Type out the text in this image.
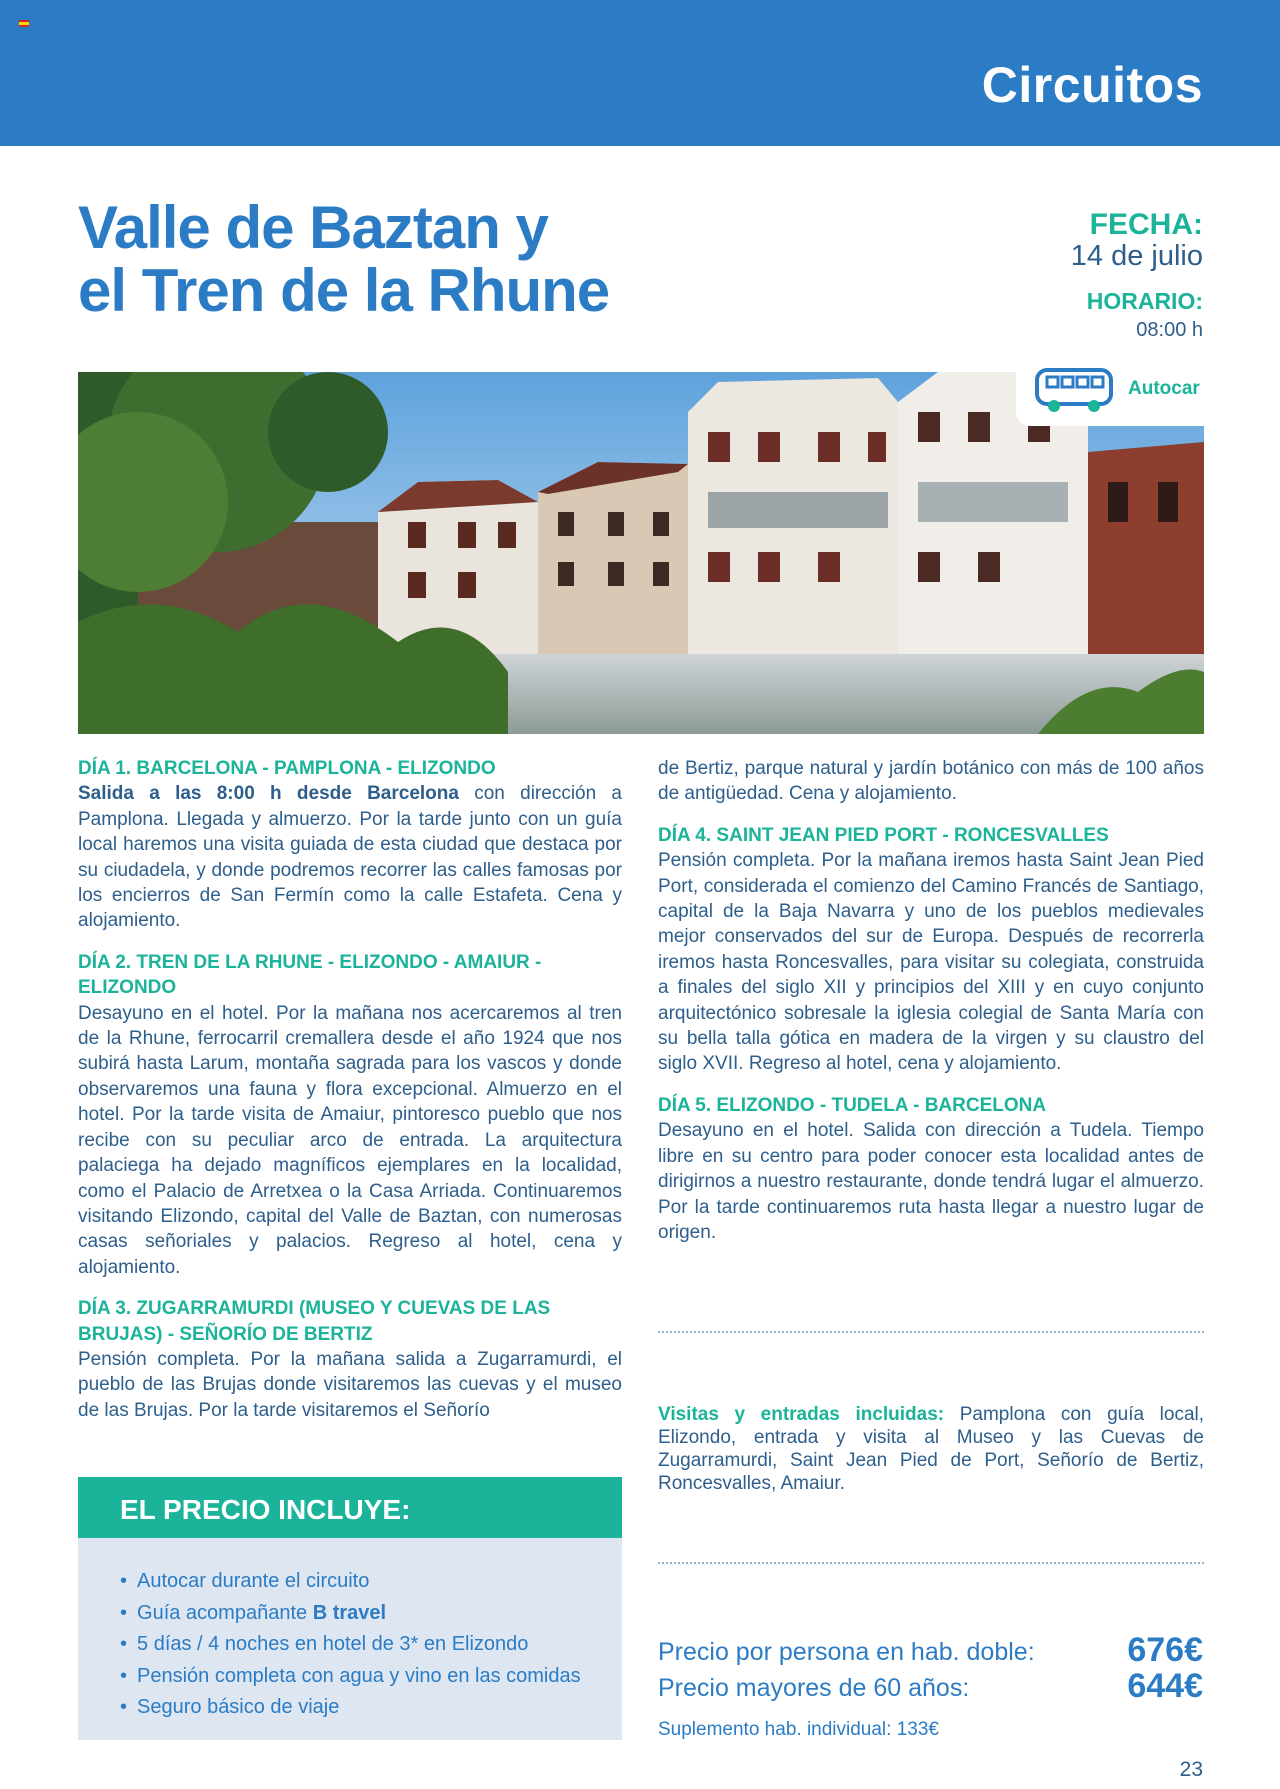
Circuitos
Valle de Baztan y
el Tren de la Rhune
FECHA:
14 de julio
HORARIO:
08:00 h
Autocar

DÍA 1. BARCELONA - PAMPLONA - ELIZONDO
Salida a las 8:00 h desde Barcelona con dirección a Pamplona. Llegada y almuerzo. Por la tarde junto con un guía local haremos una visita guiada de esta ciudad que destaca por su ciudadela, y donde podremos recorrer las calles famosas por los encierros de San Fermín como la calle Estafeta. Cena y alojamiento.

DÍA 2. TREN DE LA RHUNE - ELIZONDO - AMAIUR - ELIZONDO
Desayuno en el hotel. Por la mañana nos acercaremos al tren de la Rhune, ferrocarril cremallera desde el año 1924 que nos subirá hasta Larum, montaña sagrada para los vascos y donde observaremos una fauna y flora excepcional. Almuerzo en el hotel. Por la tarde visita de Amaiur, pintoresco pueblo que nos recibe con su peculiar arco de entrada. La arquitectura palaciega ha dejado magníficos ejemplares en la localidad, como el Palacio de Arretxea o la Casa Arriada. Continuaremos visitando Elizondo, capital del Valle de Baztan, con numerosas casas señoriales y palacios. Regreso al hotel, cena y alojamiento.

DÍA 3. ZUGARRAMURDI (MUSEO Y CUEVAS DE LAS BRUJAS) - SEÑORÍO DE BERTIZ
Pensión completa. Por la mañana salida a Zugarramurdi, el pueblo de las Brujas donde visitaremos las cuevas y el museo de las Brujas. Por la tarde visitaremos el Señorío

de Bertiz, parque natural y jardín botánico con más de 100 años de antigüedad. Cena y alojamiento.

DÍA 4. SAINT JEAN PIED PORT - RONCESVALLES
Pensión completa. Por la mañana iremos hasta Saint Jean Pied Port, considerada el comienzo del Camino Francés de Santiago, capital de la Baja Navarra y uno de los pueblos medievales mejor conservados del sur de Europa. Después de recorrerla iremos hasta Roncesvalles, para visitar su colegiata, construida a finales del siglo XII y principios del XIII y en cuyo conjunto arquitectónico sobresale la iglesia colegial de Santa María con su bella talla gótica en madera de la virgen y su claustro del siglo XVII. Regreso al hotel, cena y alojamiento.

DÍA 5. ELIZONDO - TUDELA - BARCELONA
Desayuno en el hotel. Salida con dirección a Tudela. Tiempo libre en su centro para poder conocer esta localidad antes de dirigirnos a nuestro restaurante, donde tendrá lugar el almuerzo. Por la tarde continuaremos ruta hasta llegar a nuestro lugar de origen.

Visitas y entradas incluidas: Pamplona con guía local, Elizondo, entrada y visita al Museo y las Cuevas de Zugarramurdi, Saint Jean Pied de Port, Señorío de Bertiz, Roncesvalles, Amaiur.
EL PRECIO INCLUYE:
• Autocar durante el circuito
• Guía acompañante B travel
• 5 días / 4 noches en hotel de 3* en Elizondo
• Pensión completa con agua y vino en las comidas
• Seguro básico de viaje
Precio por persona en hab. doble:	676€
Precio mayores de 60 años:	644€
Suplemento hab. individual: 133€
23
